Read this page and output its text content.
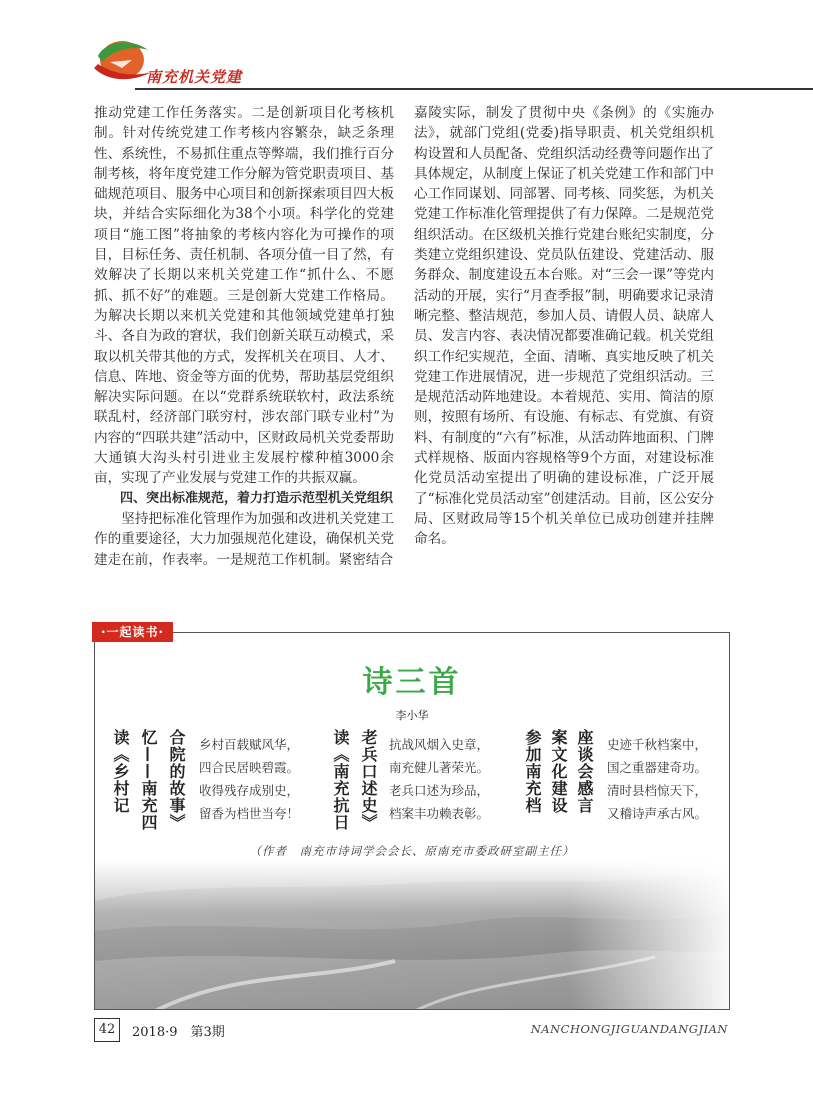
南充机关党建

推动党建工作任务落实。二是创新项目化考核机制。针对传统党建工作考核内容繁杂，缺乏条理性、系统性，不易抓住重点等弊端，我们推行百分制考核，将年度党建工作分解为管党职责项目、基础规范项目、服务中心项目和创新探索项目四大板块，并结合实际细化为38个小项。科学化的党建项目“施工图”将抽象的考核内容化为可操作的项目，目标任务、责任机制、各项分值一目了然，有效解决了长期以来机关党建工作“抓什么、不愿抓、抓不好”的难题。三是创新大党建工作格局。为解决长期以来机关党建和其他领域党建单打独斗、各自为政的窘状，我们创新关联互动模式，采取以机关带其他的方式，发挥机关在项目、人才、信息、阵地、资金等方面的优势，帮助基层党组织解决实际问题。在以“党群系统联软村，政法系统联乱村，经济部门联穷村，涉农部门联专业村”为内容的“四联共建”活动中，区财政局机关党委帮助大通镇大沟头村引进业主发展柠檬种植3000余亩，实现了产业发展与党建工作的共振双赢。

四、突出标准规范，着力打造示范型机关党组织

坚持把标准化管理作为加强和改进机关党建工作的重要途径，大力加强规范化建设，确保机关党建走在前，作表率。一是规范工作机制。紧密结合

嘉陵实际，制发了贯彻中央《条例》的《实施办法》，就部门党组(党委)指导职责、机关党组织机构设置和人员配备、党组织活动经费等问题作出了具体规定，从制度上保证了机关党建工作和部门中心工作同谋划、同部署、同考核、同奖惩，为机关党建工作标准化管理提供了有力保障。二是规范党组织活动。在区级机关推行党建台账纪实制度，分类建立党组织建设、党员队伍建设、党建活动、服务群众、制度建设五本台账。对“三会一课”等党内活动的开展，实行“月查季报”制，明确要求记录清晰完整、整洁规范，参加人员、请假人员、缺席人员、发言内容、表决情况都要准确记载。机关党组织工作纪实规范，全面、清晰、真实地反映了机关党建工作进展情况，进一步规范了党组织活动。三是规范活动阵地建设。本着规范、实用、简洁的原则，按照有场所、有设施、有标志、有党旗、有资料、有制度的“六有”标准，从活动阵地面积、门牌式样规格、版面内容规格等9个方面，对建设标准化党员活动室提出了明确的建设标准，广泛开展了“标准化党员活动室”创建活动。目前，区公安分局、区财政局等15个机关单位已成功创建并挂牌命名。

诗三首
李小华
读《乡村记 忆——南充四 合院的故事》 乡村百载赋风华，
四合民居映碧霞。
收得残存成别史，
留香为档世当夸！ 读《南充抗日 老兵口述史》 抗战风烟入史章，
南充健儿著荣光。
老兵口述为珍品，
档案丰功赖表彰。 参加南充档 案文化建设 座谈会感言 史迹千秋档案中，
国之重器建奇功。
清时县档惊天下，
又稽诗声承古风。
（作者　南充市诗词学会会长、原南充市委政研室副主任）
·一起读书·
42	2018·9　第3期	NANCHONGJIGUANDANGJIAN
